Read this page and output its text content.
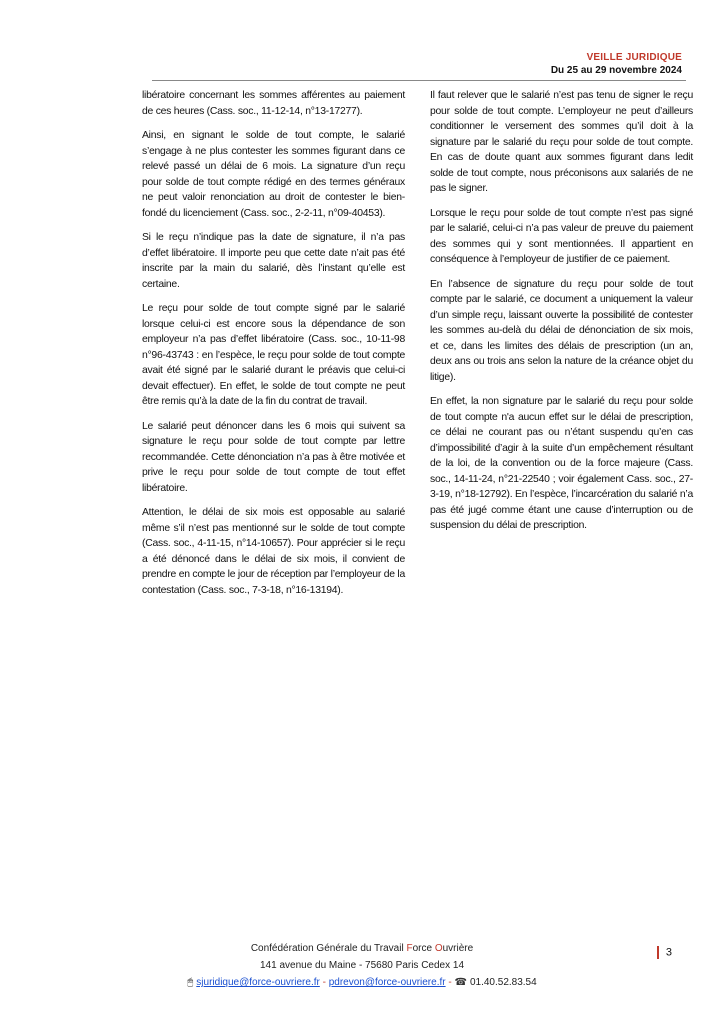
VEILLE JURIDIQUE
Du 25 au 29 novembre 2024

libératoire concernant les sommes afférentes au paiement de ces heures (Cass. soc., 11-12-14, n°13-17277).

Ainsi, en signant le solde de tout compte, le salarié s’engage à ne plus contester les sommes figurant dans ce relevé passé un délai de 6 mois. La signature d’un reçu pour solde de tout compte rédigé en des termes généraux ne peut valoir renonciation au droit de contester le bien-fondé du licenciement (Cass. soc., 2-2-11, n°09-40453).

Si le reçu n’indique pas la date de signature, il n’a pas d’effet libératoire. Il importe peu que cette date n’ait pas été inscrite par la main du salarié, dès l’instant qu’elle est certaine.

Le reçu pour solde de tout compte signé par le salarié lorsque celui-ci est encore sous la dépendance de son employeur n’a pas d’effet libératoire (Cass. soc., 10-11-98 n°96-43743 : en l’espèce, le reçu pour solde de tout compte avait été signé par le salarié durant le préavis que celui-ci devait effectuer). En effet, le solde de tout compte ne peut être remis qu’à la date de la fin du contrat de travail.

Le salarié peut dénoncer dans les 6 mois qui suivent sa signature le reçu pour solde de tout compte par lettre recommandée. Cette dénonciation n’a pas à être motivée et prive le reçu pour solde de tout compte de tout effet libératoire.

Attention, le délai de six mois est opposable au salarié même s’il n’est pas mentionné sur le solde de tout compte (Cass. soc., 4-11-15, n°14-10657). Pour apprécier si le reçu a été dénoncé dans le délai de six mois, il convient de prendre en compte le jour de réception par l’employeur de la contestation (Cass. soc., 7-3-18, n°16-13194).

Il faut relever que le salarié n’est pas tenu de signer le reçu pour solde de tout compte. L’employeur ne peut d’ailleurs conditionner le versement des sommes qu’il doit à la signature par le salarié du reçu pour solde de tout compte. En cas de doute quant aux sommes figurant dans ledit solde de tout compte, nous préconisons aux salariés de ne pas le signer.

Lorsque le reçu pour solde de tout compte n’est pas signé par le salarié, celui-ci n’a pas valeur de preuve du paiement des sommes qui y sont mentionnées. Il appartient en conséquence à l’employeur de justifier de ce paiement.

En l’absence de signature du reçu pour solde de tout compte par le salarié, ce document a uniquement la valeur d’un simple reçu, laissant ouverte la possibilité de contester les sommes au-delà du délai de dénonciation de six mois, et ce, dans les limites des délais de prescription (un an, deux ans ou trois ans selon la nature de la créance objet du litige).

En effet, la non signature par le salarié du reçu pour solde de tout compte n'a aucun effet sur le délai de prescription, ce délai ne courant pas ou n’étant suspendu qu’en cas d’impossibilité d’agir à la suite d’un empêchement résultant de la loi, de la convention ou de la force majeure (Cass. soc., 14-11-24, n°21-22540 ; voir également Cass. soc., 27-3-19, n°18-12792). En l’espèce, l’incarcération du salarié n’a pas été jugé comme étant une cause d’interruption ou de suspension du délai de prescription.

Confédération Générale du Travail Force Ouvrière
141 avenue du Maine - 75680 Paris Cedex 14
🖱 sjuridique@force-ouvriere.fr - pdrevon@force-ouvriere.fr - ☎ 01.40.52.83.54
3
